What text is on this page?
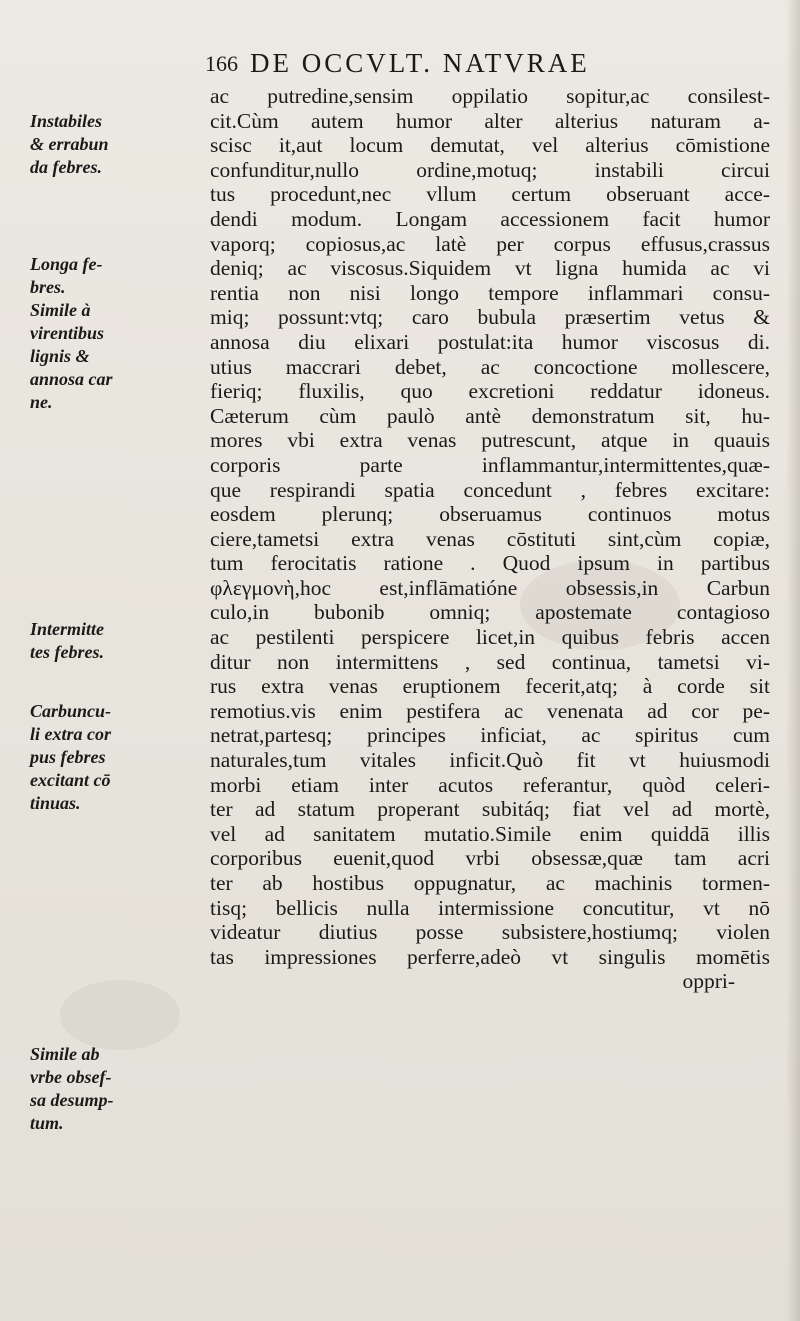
166 DE OCCVLT. NATVRAE
Instabiles
& errabun
da febres.
Longa fe-
bres.
Simile à
virentibus
lignis &
annosa car
ne.
Intermitte
tes febres.
Carbuncu-
li extra cor
pus febres
excitant cō
tinuas.
Simile ab
vrbe obsef-
sa desump-
tum.
ac putredine,sensim oppilatio sopitur,ac consilest-
cit.Cùm autem humor alter alterius naturam a-
scisc it,aut locum demutat, vel alterius cōmistione
confunditur,nullo ordine,motuq; instabili circui
tus procedunt,nec vllum certum obseruant acce-
dendi modum. Longam accessionem facit humor
vaporq; copiosus,ac latè per corpus effusus,crassus
deniq; ac viscosus.Siquidem vt ligna humida ac vi
rentia non nisi longo tempore inflammari consu-
miq; possunt:vtq; caro bubula præsertim vetus &
annosa diu elixari postulat:ita humor viscosus di.
utius maccrari debet, ac concoctione mollescere,
fieriq; fluxilis, quo excretioni reddatur idoneus.
Cæterum cùm paulò antè demonstratum sit, hu-
mores vbi extra venas putrescunt, atque in quauis
corporis parte inflammantur,intermittentes,quæ-
que respirandi spatia concedunt , febres excitare:
eosdem plerunq; obseruamus continuos motus
ciere,tametsi extra venas cōstituti sint,cùm copiæ,
tum ferocitatis ratione . Quod ipsum in partibus
φλεγμονὴ,hoc est,inflāmatióne obsessis,in Carbun
culo,in bubonib omniq; apostemate contagioso
ac pestilenti perspicere licet,in quibus febris accen
ditur non intermittens , sed continua, tametsi vi-
rus extra venas eruptionem fecerit,atq; à corde sit
remotius.vis enim pestifera ac venenata ad cor pe-
netrat,partesq; principes inficiat, ac spiritus cum
naturales,tum vitales inficit.Quò fit vt huiusmodi
morbi etiam inter acutos referantur, quòd celeri-
ter ad statum properant subitáq; fiat vel ad mortè,
vel ad sanitatem mutatio.Simile enim quiddā illis
corporibus euenit,quod vrbi obsessæ,quæ tam acri
ter ab hostibus oppugnatur, ac machinis tormen-
tisq; bellicis nulla intermissione concutitur, vt nō
videatur diutius posse subsistere,hostiumq; violen
tas impressiones perferre,adeò vt singulis momētis
oppri-
